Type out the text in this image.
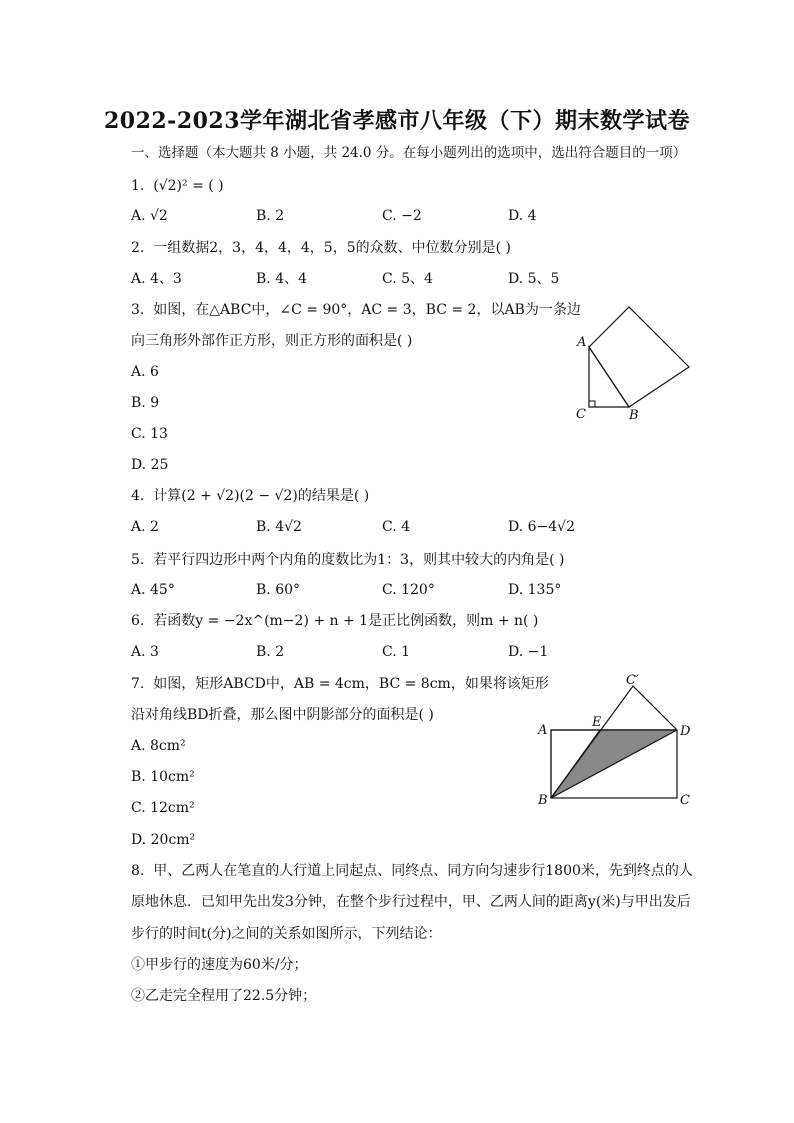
2022-2023学年湖北省孝感市八年级（下）期末数学试卷
一、选择题（本大题共 8 小题，共 24.0 分。在每小题列出的选项中，选出符合题目的一项）
1. (√2)² = ( )
A. √2	B. 2	C. −2	D. 4
2. 一组数据2，3，4，4，4，5，5的众数、中位数分别是( )
A. 4、3	B. 4、4	C. 5、4	D. 5、5
3. 如图，在△ABC中，∠C = 90°，AC = 3，BC = 2，以AB为一条边
向三角形外部作正方形，则正方形的面积是( )
A. 6
B. 9
C. 13
D. 25
A
C	B
4. 计算(2 + √2)(2 − √2)的结果是( )
A. 2	B. 4√2	C. 4	D. 6−4√2
5. 若平行四边形中两个内角的度数比为1：3，则其中较大的内角是( )
A. 45°	B. 60°	C. 120°	D. 135°
6. 若函数y = −2x^(m−2) + n + 1是正比例函数，则m + n( )
A. 3	B. 2	C. 1	D. −1
7. 如图，矩形ABCD中，AB = 4cm，BC = 8cm，如果将该矩形
沿对角线BD折叠，那么图中阴影部分的面积是( )
A. 8cm²
B. 10cm²
C. 12cm²
D. 20cm²
A
E
C′
D
B	C
8. 甲、乙两人在笔直的人行道上同起点、同终点、同方向匀速步行1800米，先到终点的人
原地休息．已知甲先出发3分钟，在整个步行过程中，甲、乙两人间的距离y(米)与甲出发后
步行的时间t(分)之间的关系如图所示，下列结论：
①甲步行的速度为60米/分；
②乙走完全程用了22.5分钟；
